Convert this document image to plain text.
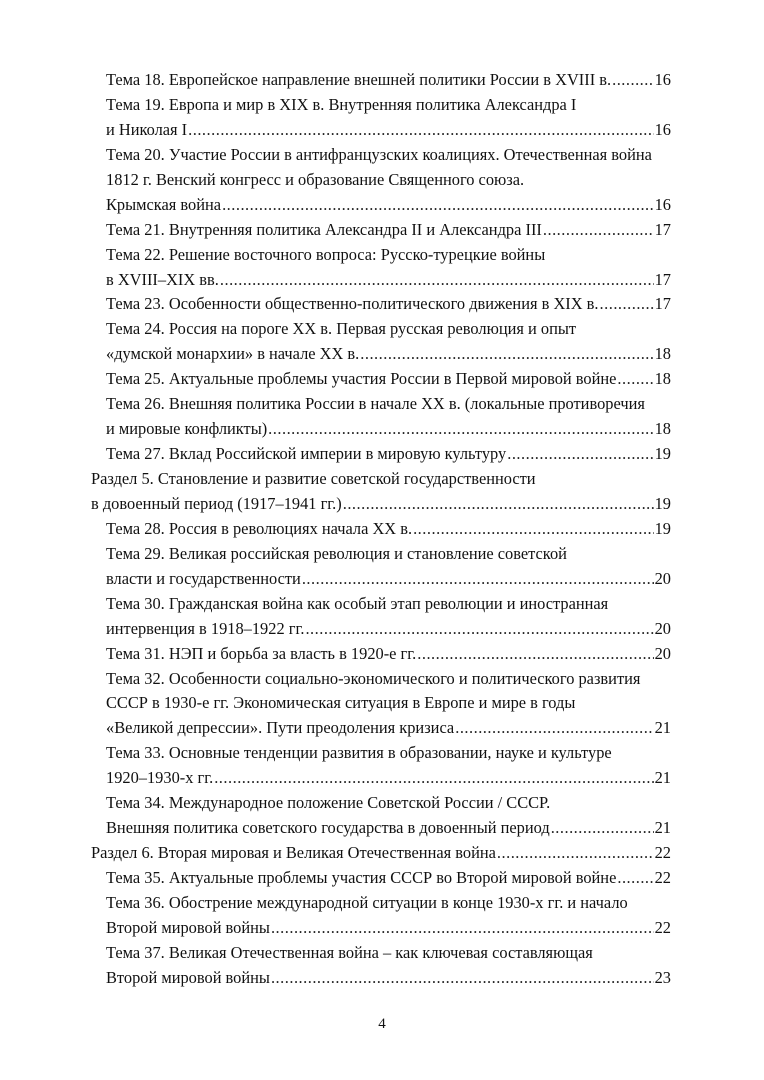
Тема 18. Европейское направление внешней политики России в XVIII в. .....	16
Тема 19. Европа и мир в XIX в. Внутренняя политика Александра I
и Николая I .....	16
Тема 20. Участие России в антифранцузских коалициях. Отечественная война
1812 г. Венский конгресс и образование Священного союза.
Крымская война .....	16
Тема 21. Внутренняя политика Александра II и Александра III .....	17
Тема 22. Решение восточного вопроса: Русско-турецкие войны
в XVIII–XIX вв. .....	17
Тема 23. Особенности общественно-политического движения в XIX в. .....	17
Тема 24. Россия на пороге XX в. Первая русская революция и опыт
«думской монархии» в начале XX в. .....	18
Тема 25. Актуальные проблемы участия России в Первой мировой войне ..... 18
Тема 26. Внешняя политика России в начале XX в. (локальные противоречия
и мировые конфликты) .....	18
Тема 27. Вклад Российской империи в мировую культуру .....	19
Раздел 5. Становление и развитие советской государственности
в довоенный период (1917–1941 гг.) .....	19
Тема 28. Россия в революциях начала XX в. .....	19
Тема 29. Великая российская революция и становление советской
власти и государственности .....	20
Тема 30. Гражданская война как особый этап революции и иностранная
интервенция в 1918–1922 гг. .....	20
Тема 31. НЭП и борьба за власть в 1920-е гг. .....	20
Тема 32. Особенности социально-экономического и политического развития
СССР в 1930-е гг. Экономическая ситуация в Европе и мире в годы
«Великой депрессии». Пути преодоления кризиса .....	21
Тема 33. Основные тенденции развития в образовании, науке и культуре
1920–1930-х гг. .....	21
Тема 34. Международное положение Советской России / СССР.
Внешняя политика советского государства в довоенный период .....	21
Раздел 6. Вторая мировая и Великая Отечественная война .....	22
Тема 35. Актуальные проблемы участия СССР во Второй мировой войне ..... 22
Тема 36. Обострение международной ситуации в конце 1930-х гг. и начало
Второй мировой войны .....	22
Тема 37. Великая Отечественная война – как ключевая составляющая
Второй мировой войны .....	23
4
